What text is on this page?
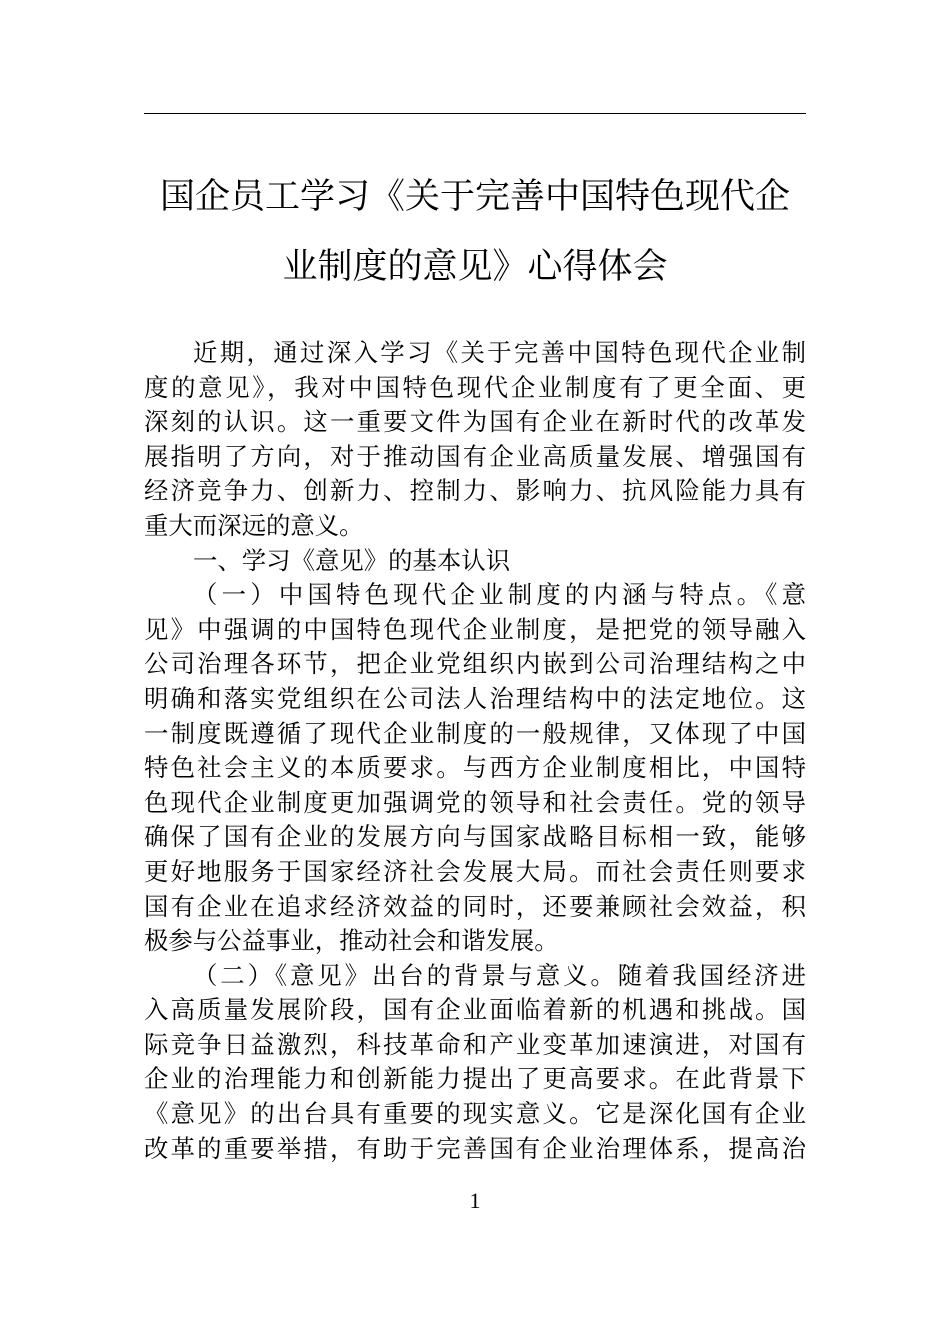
国企员工学习《关于完善中国特色现代企
业制度的意见》心得体会
近期，通过深入学习《关于完善中国特色现代企业制
度的意见》，我对中国特色现代企业制度有了更全面、更
深刻的认识。这一重要文件为国有企业在新时代的改革发
展指明了方向，对于推动国有企业高质量发展、增强国有
经济竞争力、创新力、控制力、影响力、抗风险能力具有
重大而深远的意义。
一、学习《意见》的基本认识
（一）中国特色现代企业制度的内涵与特点。《意
见》中强调的中国特色现代企业制度，是把党的领导融入
公司治理各环节，把企业党组织内嵌到公司治理结构之中
明确和落实党组织在公司法人治理结构中的法定地位。这
一制度既遵循了现代企业制度的一般规律，又体现了中国
特色社会主义的本质要求。与西方企业制度相比，中国特
色现代企业制度更加强调党的领导和社会责任。党的领导
确保了国有企业的发展方向与国家战略目标相一致，能够
更好地服务于国家经济社会发展大局。而社会责任则要求
国有企业在追求经济效益的同时，还要兼顾社会效益，积
极参与公益事业，推动社会和谐发展。
（二）《意见》出台的背景与意义。随着我国经济进
入高质量发展阶段，国有企业面临着新的机遇和挑战。国
际竞争日益激烈，科技革命和产业变革加速演进，对国有
企业的治理能力和创新能力提出了更高要求。在此背景下
《意见》的出台具有重要的现实意义。它是深化国有企业
改革的重要举措，有助于完善国有企业治理体系，提高治
1
